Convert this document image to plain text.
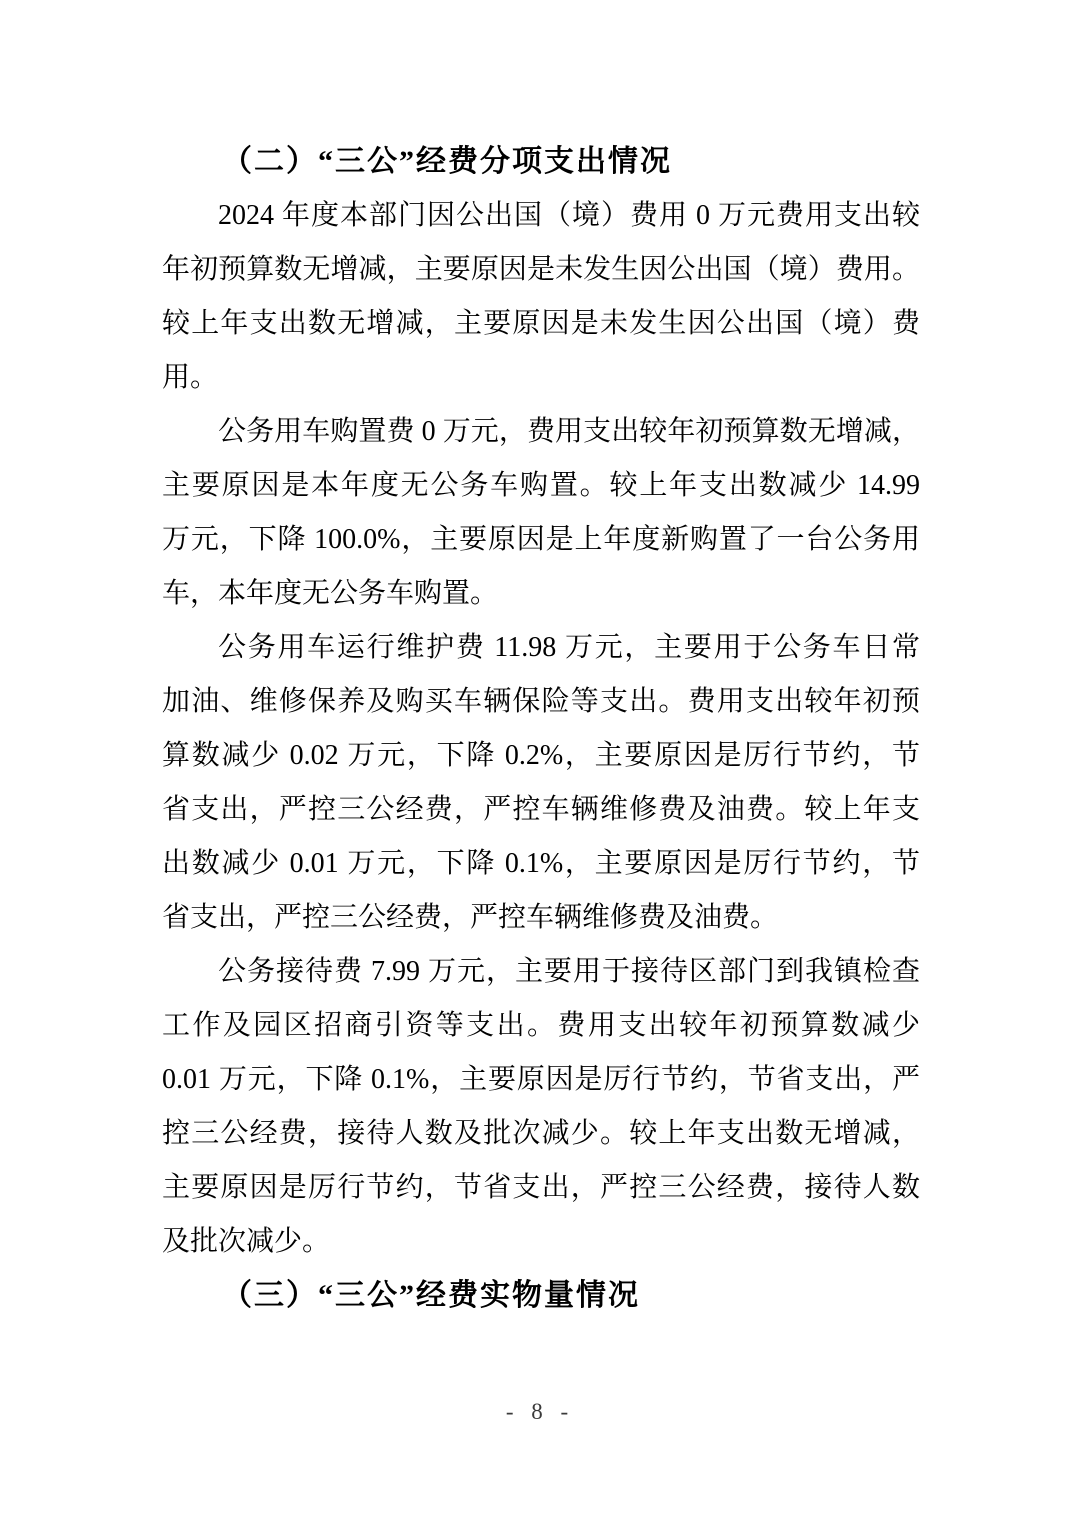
（二）“三公”经费分项支出情况
2024 年度本部门因公出国（境）费用 0 万元费用支出较
年初预算数无增减，主要原因是未发生因公出国（境）费用。
较上年支出数无增减，主要原因是未发生因公出国（境）费
用。
公务用车购置费 0 万元，费用支出较年初预算数无增减，
主要原因是本年度无公务车购置。较上年支出数减少 14.99
万元，下降 100.0%，主要原因是上年度新购置了一台公务用
车，本年度无公务车购置。
公务用车运行维护费 11.98 万元，主要用于公务车日常
加油、维修保养及购买车辆保险等支出。费用支出较年初预
算数减少 0.02 万元，下降 0.2%，主要原因是厉行节约，节
省支出，严控三公经费，严控车辆维修费及油费。较上年支
出数减少 0.01 万元，下降 0.1%，主要原因是厉行节约，节
省支出，严控三公经费，严控车辆维修费及油费。
公务接待费 7.99 万元，主要用于接待区部门到我镇检查
工作及园区招商引资等支出。费用支出较年初预算数减少
0.01 万元，下降 0.1%，主要原因是厉行节约，节省支出，严
控三公经费，接待人数及批次减少。较上年支出数无增减，
主要原因是厉行节约，节省支出，严控三公经费，接待人数
及批次减少。
（三）“三公”经费实物量情况
- 8 -
